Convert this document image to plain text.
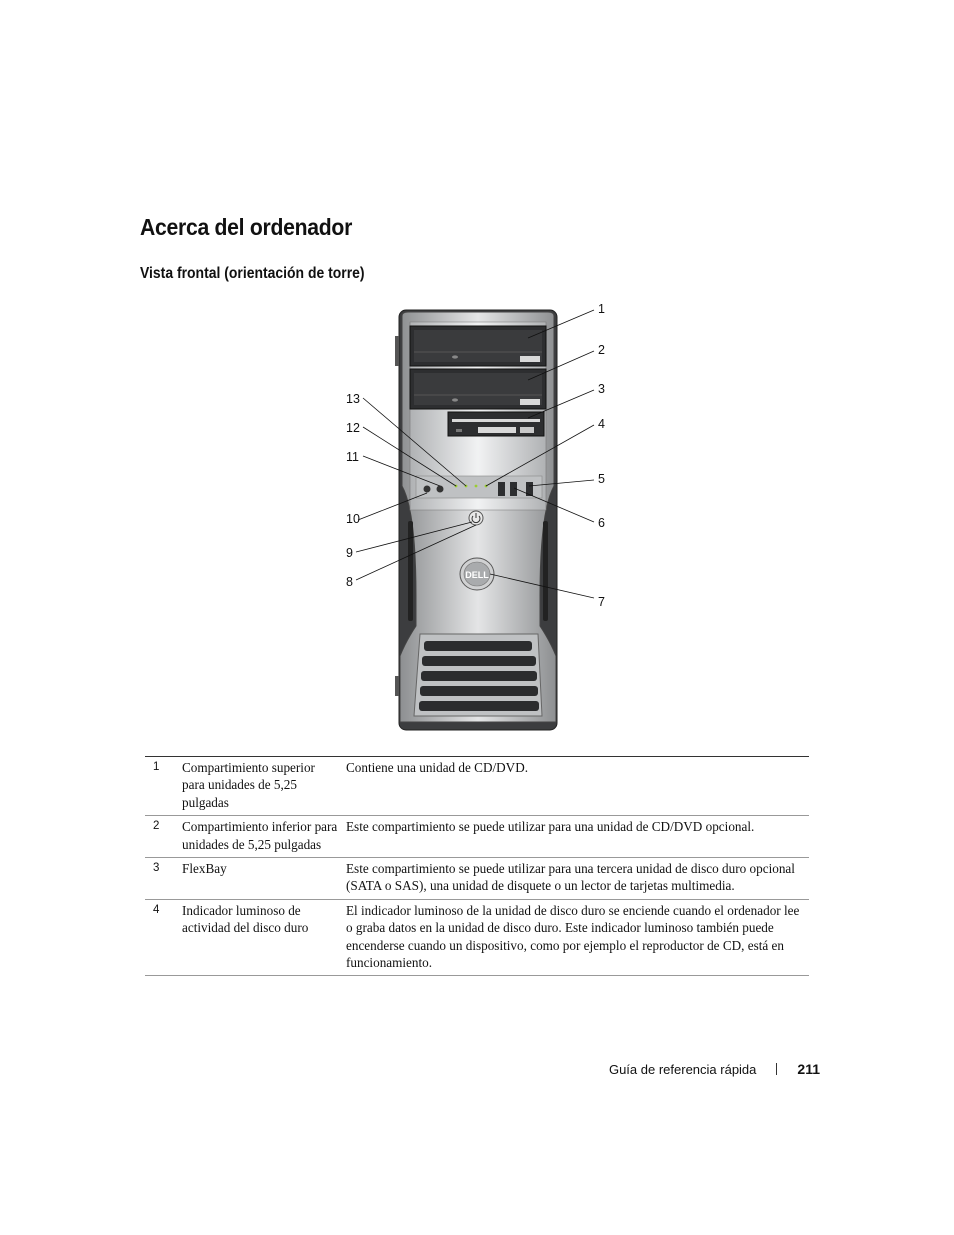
Acerca del ordenador
Vista frontal (orientación de torre)
DELL
1
2
3
4
5
6
7
8
9
10
11
12
13
1	Compartimiento superior para unidades de 5,25 pulgadas	Contiene una unidad de CD/DVD.
2	Compartimiento inferior para unidades de 5,25 pulgadas	Este compartimiento se puede utilizar para una unidad de CD/DVD opcional.
3	FlexBay	Este compartimiento se puede utilizar para una tercera unidad de disco duro opcional (SATA o SAS), una unidad de disquete o un lector de tarjetas multimedia.
4	Indicador luminoso de actividad del disco duro	El indicador luminoso de la unidad de disco duro se enciende cuando el ordenador lee o graba datos en la unidad de disco duro. Este indicador luminoso también puede encenderse cuando un dispositivo, como por ejemplo el reproductor de CD, está en funcionamiento.
Guía de referencia rápida	211
